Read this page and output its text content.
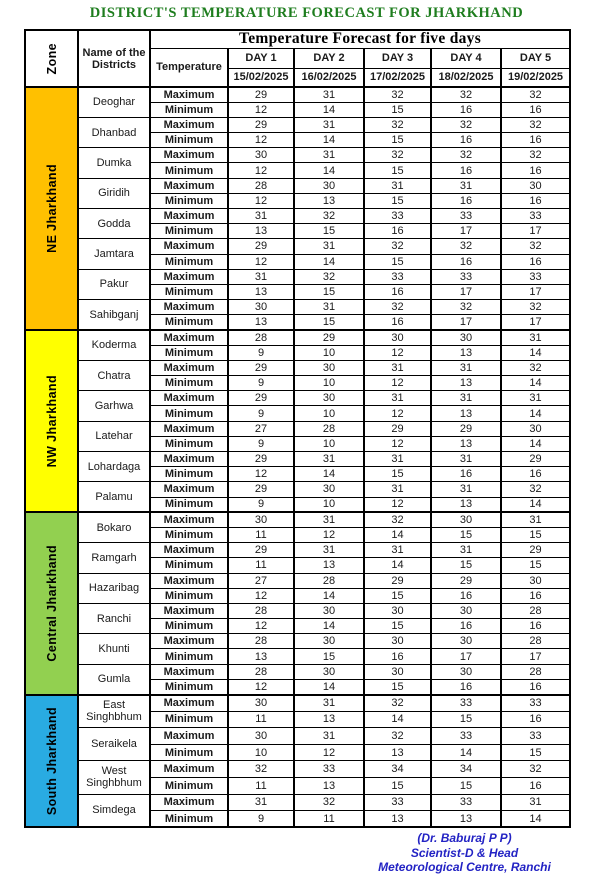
DISTRICT'S TEMPERATURE FORECAST FOR JHARKHAND
Zone	Name of the Districts	Temperature Forecast for five days					
		Temperature	DAY 1	DAY 2	DAY 3	DAY 4	DAY 5
			15/02/2025	16/02/2025	17/02/2025	18/02/2025	19/02/2025

NE Jharkhand	Deoghar	Maximum	29	31	32	32	32
		Minimum	12	14	15	16	16
	Dhanbad	Maximum	29	31	32	32	32
		Minimum	12	14	15	16	16
	Dumka	Maximum	30	31	32	32	32
		Minimum	12	14	15	16	16
	Giridih	Maximum	28	30	31	31	30
		Minimum	12	13	15	16	16
	Godda	Maximum	31	32	33	33	33
		Minimum	13	15	16	17	17
	Jamtara	Maximum	29	31	32	32	32
		Minimum	12	14	15	16	16
	Pakur	Maximum	31	32	33	33	33
		Minimum	13	15	16	17	17
	Sahibganj	Maximum	30	31	32	32	32
		Minimum	13	15	16	17	17

NW Jharkhand	Koderma	Maximum	28	29	30	30	31
		Minimum	9	10	12	13	14
	Chatra	Maximum	29	30	31	31	32
		Minimum	9	10	12	13	14
	Garhwa	Maximum	29	30	31	31	31
		Minimum	9	10	12	13	14
	Latehar	Maximum	27	28	29	29	30
		Minimum	9	10	12	13	14
	Lohardaga	Maximum	29	31	31	31	29
		Minimum	12	14	15	16	16
	Palamu	Maximum	29	30	31	31	32
		Minimum	9	10	12	13	14

Central Jharkhand	Bokaro	Maximum	30	31	32	30	31
		Minimum	11	12	14	15	15
	Ramgarh	Maximum	29	31	31	31	29
		Minimum	11	13	14	15	15
	Hazaribag	Maximum	27	28	29	29	30
		Minimum	12	14	15	16	16
	Ranchi	Maximum	28	30	30	30	28
		Minimum	12	14	15	16	16
	Khunti	Maximum	28	30	30	30	28
		Minimum	13	15	16	17	17
	Gumla	Maximum	28	30	30	30	28
		Minimum	12	14	15	16	16

South Jharkhand	East Singhbhum	Maximum	30	31	32	33	33
		Minimum	11	13	14	15	16
	Seraikela	Maximum	30	31	32	33	33
		Minimum	10	12	13	14	15
	West Singhbhum	Maximum	32	33	34	34	32
		Minimum	11	13	15	15	16
	Simdega	Maximum	31	32	33	33	31
		Minimum	9	11	13	13	14
(Dr. Baburaj P P)
Scientist-D & Head
Meteorological Centre, Ranchi
